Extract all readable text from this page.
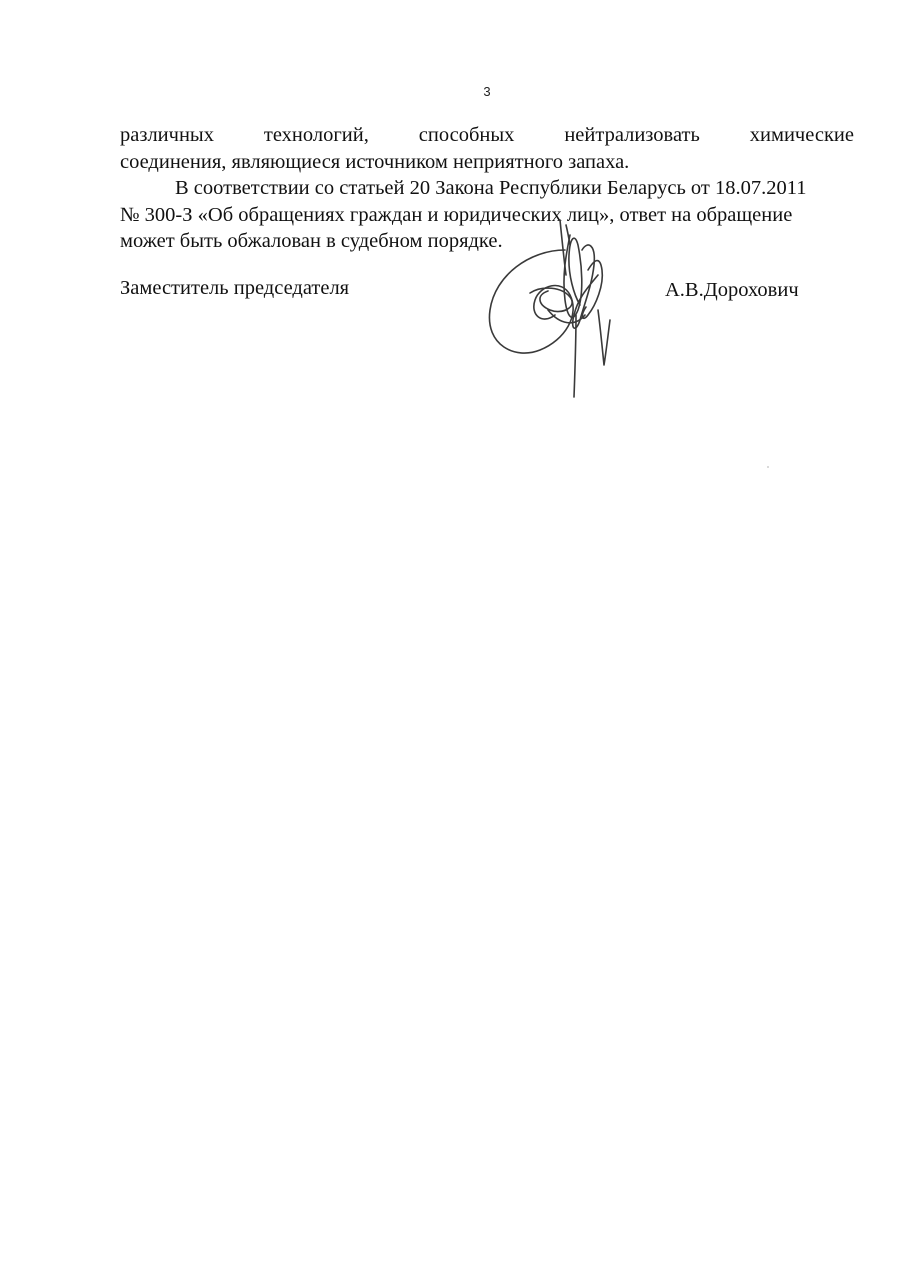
3
различных технологий, способных нейтрализовать химические
соединения, являющиеся источником неприятного запаха.
В соответствии со статьей 20 Закона Республики Беларусь от 18.07.2011
№ 300-З «Об обращениях граждан и юридических лиц», ответ на обращение
может быть обжалован в судебном порядке.
Заместитель председателя	А.В.Дорохович
